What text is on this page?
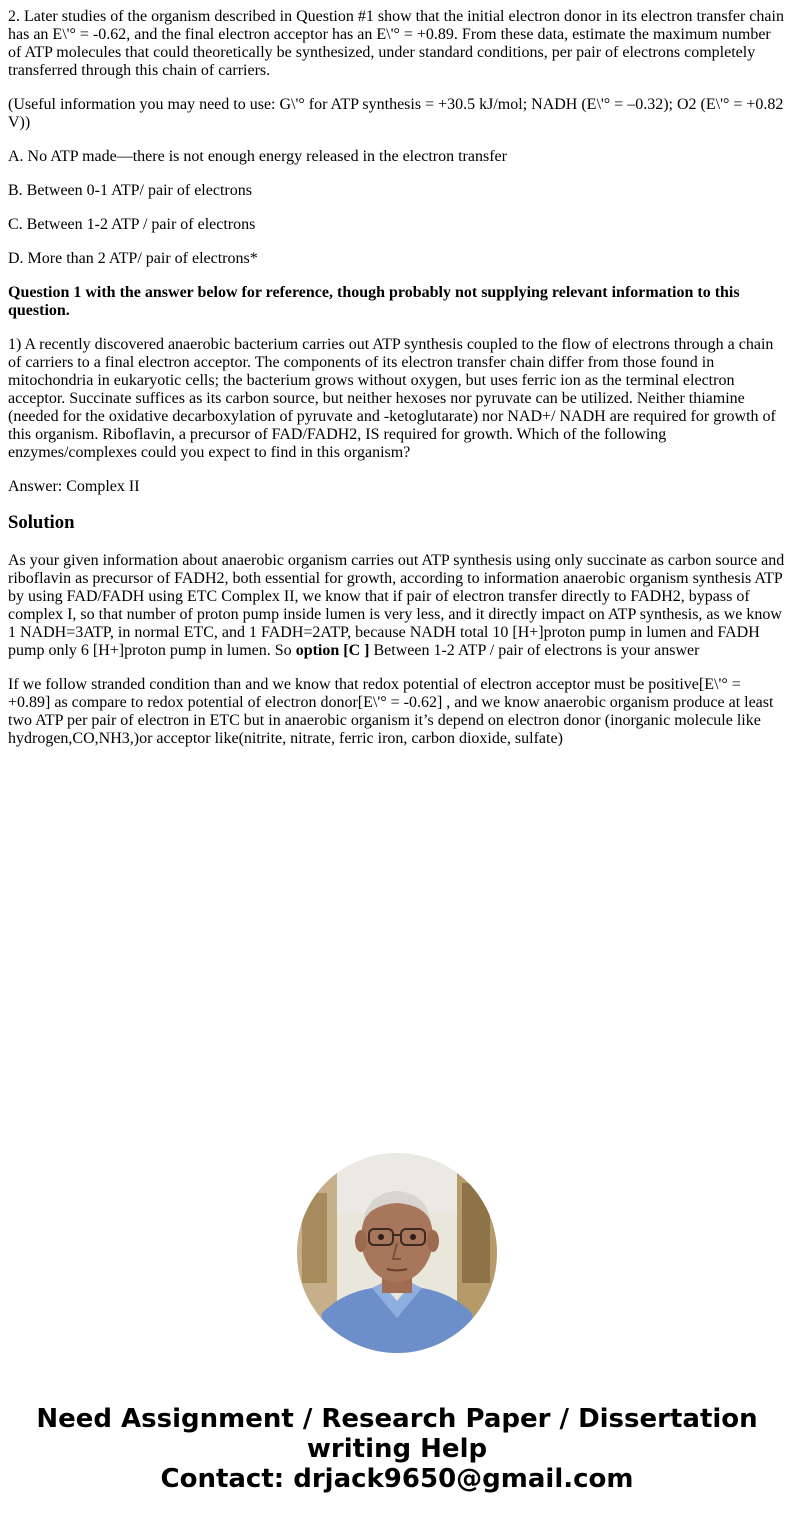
2. Later studies of the organism described in Question #1 show that the initial electron donor in its electron transfer chain has an E\'° = -0.62, and the final electron acceptor has an E\'° = +0.89. From these data, estimate the maximum number of ATP molecules that could theoretically be synthesized, under standard conditions, per pair of electrons completely transferred through this chain of carriers.

(Useful information you may need to use: G\'° for ATP synthesis = +30.5 kJ/mol; NADH (E\'° = –0.32); O2 (E\'° = +0.82 V))

A. No ATP made—there is not enough energy released in the electron transfer

B. Between 0-1 ATP/ pair of electrons

C. Between 1-2 ATP / pair of electrons

D. More than 2 ATP/ pair of electrons*

Question 1 with the answer below for reference, though probably not supplying relevant information to this question.

1) A recently discovered anaerobic bacterium carries out ATP synthesis coupled to the flow of electrons through a chain of carriers to a final electron acceptor. The components of its electron transfer chain differ from those found in mitochondria in eukaryotic cells; the bacterium grows without oxygen, but uses ferric ion as the terminal electron acceptor. Succinate suffices as its carbon source, but neither hexoses nor pyruvate can be utilized. Neither thiamine (needed for the oxidative decarboxylation of pyruvate and -ketoglutarate) nor NAD+/ NADH are required for growth of this organism. Riboflavin, a precursor of FAD/FADH2, IS required for growth. Which of the following enzymes/complexes could you expect to find in this organism?

Answer: Complex II

Solution

As your given information about anaerobic organism carries out ATP synthesis using only succinate as carbon source and riboflavin as precursor of FADH2, both essential for growth, according to information anaerobic organism synthesis ATP by using FAD/FADH using ETC Complex II, we know that if pair of electron transfer directly to FADH2, bypass of complex I, so that number of proton pump inside lumen is very less, and it directly impact on ATP synthesis, as we know 1 NADH=3ATP, in normal ETC, and 1 FADH=2ATP, because NADH total 10 [H+]proton pump in lumen and FADH pump only 6 [H+]proton pump in lumen. So option [C ] Between 1-2 ATP / pair of electrons is your answer

If we follow stranded condition than and we know that redox potential of electron acceptor must be positive[E\'° = +0.89] as compare to redox potential of electron donor[E\'° = -0.62] , and we know anaerobic organism produce at least two ATP per pair of electron in ETC but in anaerobic organism it’s depend on electron donor (inorganic molecule like hydrogen,CO,NH3,)or acceptor like(nitrite, nitrate, ferric iron, carbon dioxide, sulfate)

Need Assignment / Research Paper / Dissertation
writing Help
Contact: drjack9650@gmail.com
